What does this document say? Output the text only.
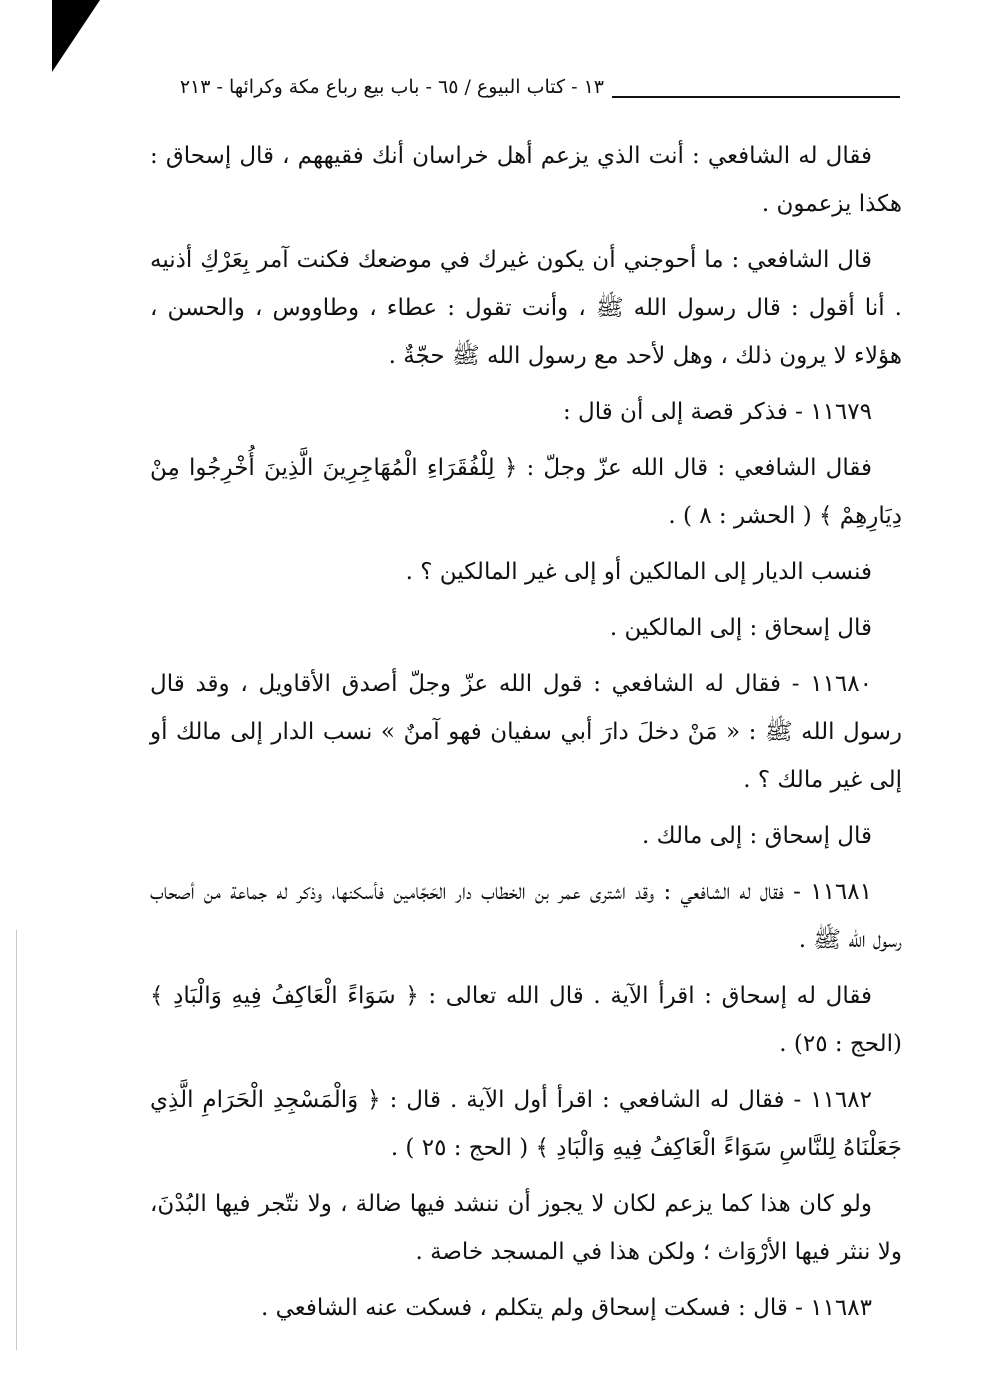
١٣ - كتاب البيوع / ٦٥ - باب بيع رباع مكة وكرائها - ٢١٣

فقال له الشافعي : أنت الذي يزعم أهل خراسان أنك فقيههم ، قال إسحاق : هكذا يزعمون .

قال الشافعي : ما أحوجني أن يكون غيرك في موضعك فكنت آمر بِعَرْكِ أذنيه . أنا أقول : قال رسول الله ﷺ ، وأنت تقول : عطاء ، وطاووس ، والحسن ، هؤلاء لا يرون ذلك ، وهل لأحد مع رسول الله ﷺ حجّةٌ .

١١٦٧٩ - فذكر قصة إلى أن قال :

فقال الشافعي : قال الله عزّ وجلّ : ﴿ لِلْفُقَرَاءِ الْمُهَاجِرِينَ الَّذِينَ أُخْرِجُوا مِنْ دِيَارِهِمْ ﴾ ( الحشر : ٨ ) .

فنسب الديار إلى المالكين أو إلى غير المالكين ؟ .

قال إسحاق : إلى المالكين .

١١٦٨٠ - فقال له الشافعي : قول الله عزّ وجلّ أصدق الأقاويل ، وقد قال رسول الله ﷺ : « مَنْ دخلَ دارَ أبي سفيان فهو آمنٌ » نسب الدار إلى مالك أو إلى غير مالك ؟ .

قال إسحاق : إلى مالك .

١١٦٨١ - فقال له الشافعي : وقد اشترى عمر بن الخطاب دار الحَجّامين فأسكنها، وذكر له جماعة من أصحاب رسول الله ﷺ .

فقال له إسحاق : اقرأ الآية . قال الله تعالى : ﴿ سَوَاءً الْعَاكِفُ فِيهِ وَالْبَادِ ﴾ (الحج : ٢٥) .

١١٦٨٢ - فقال له الشافعي : اقرأ أول الآية . قال : ﴿ وَالْمَسْجِدِ الْحَرَامِ الَّذِي جَعَلْنَاهُ لِلنَّاسِ سَوَاءً الْعَاكِفُ فِيهِ وَالْبَادِ ﴾ ( الحج : ٢٥ ) .

ولو كان هذا كما يزعم لكان لا يجوز أن ننشد فيها ضالة ، ولا نتّجر فيها البُدْنَ، ولا ننثر فيها الأرْوَاث ؛ ولكن هذا في المسجد خاصة .

١١٦٨٣ - قال : فسكت إسحاق ولم يتكلم ، فسكت عنه الشافعي .
